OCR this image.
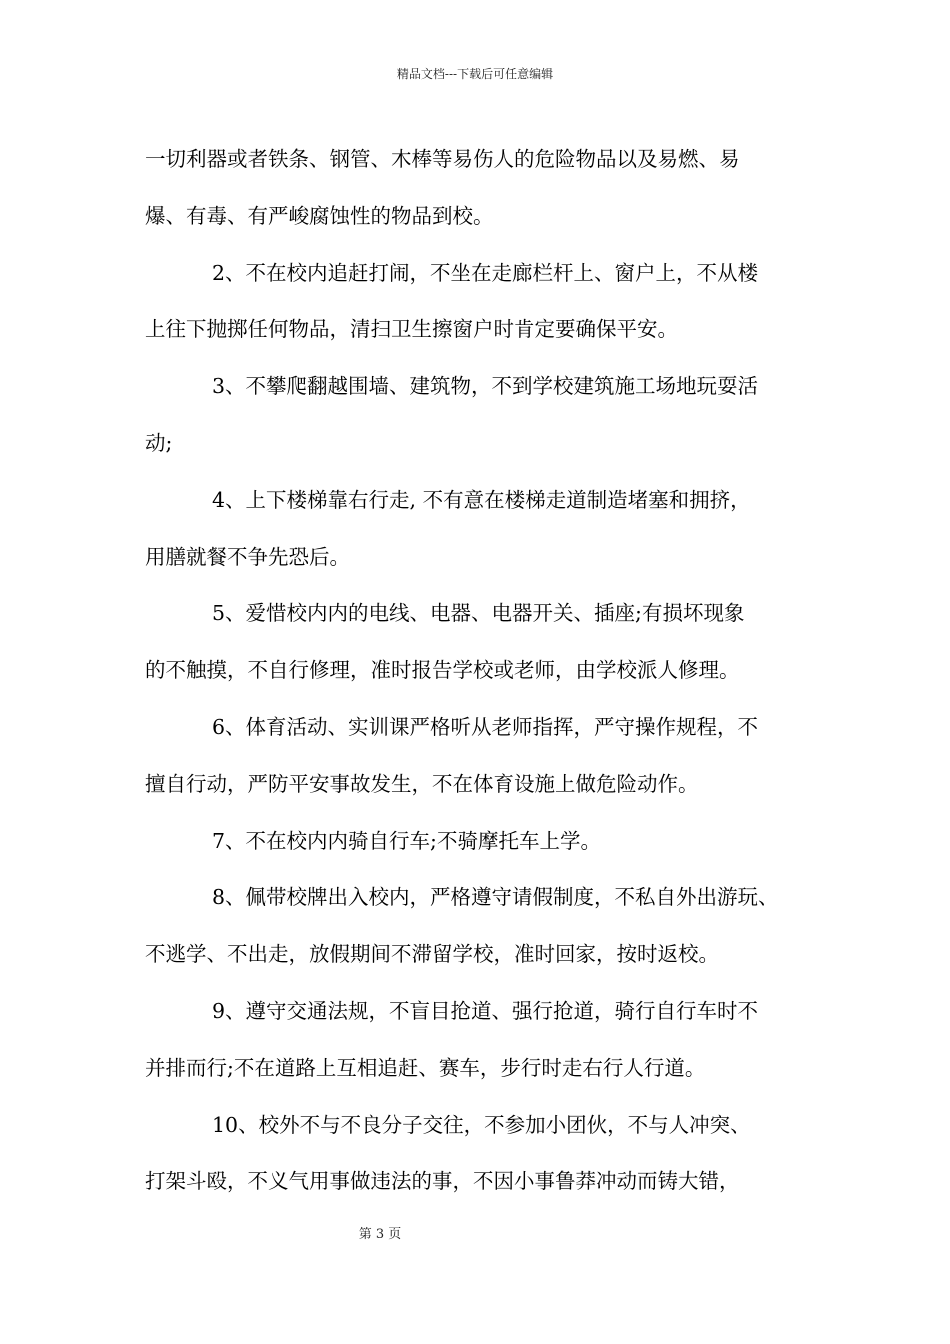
精品文档---下载后可任意编辑
一切利器或者铁条、钢管、木棒等易伤人的危险物品以及易燃、易
爆、有毒、有严峻腐蚀性的物品到校。
2、不在校内追赶打闹，不坐在走廊栏杆上、窗户上，不从楼
上往下抛掷任何物品，清扫卫生擦窗户时肯定要确保平安。
3、不攀爬翻越围墙、建筑物，不到学校建筑施工场地玩耍活
动;
4、上下楼梯靠右行走, 不有意在楼梯走道制造堵塞和拥挤，
用膳就餐不争先恐后。
5、爱惜校内内的电线、电器、电器开关、插座;有损坏现象
的不触摸，不自行修理，准时报告学校或老师，由学校派人修理。
6、体育活动、实训课严格听从老师指挥，严守操作规程，不
擅自行动，严防平安事故发生，不在体育设施上做危险动作。
7、不在校内内骑自行车;不骑摩托车上学。
8、佩带校牌出入校内，严格遵守请假制度，不私自外出游玩、
不逃学、不出走，放假期间不滞留学校，准时回家，按时返校。
9、遵守交通法规，不盲目抢道、强行抢道，骑行自行车时不
并排而行;不在道路上互相追赶、赛车，步行时走右行人行道。
10、校外不与不良分子交往，不参加小团伙，不与人冲突、
打架斗殴，不义气用事做违法的事，不因小事鲁莽冲动而铸大错，
第 3 页
